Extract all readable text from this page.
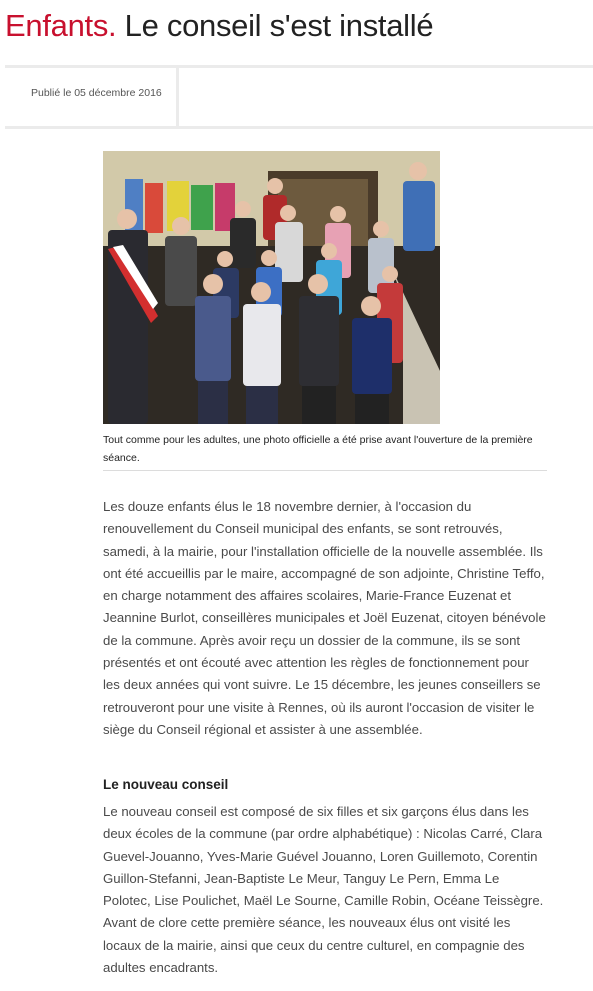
Enfants. Le conseil s'est installé
Publié le 05 décembre 2016

Tout comme pour les adultes, une photo officielle a été prise avant l'ouverture de la première séance.

Les douze enfants élus le 18 novembre dernier, à l'occasion du renouvellement du Conseil municipal des enfants, se sont retrouvés, samedi, à la mairie, pour l'installation officielle de la nouvelle assemblée. Ils ont été accueillis par le maire, accompagné de son adjointe, Christine Teffo, en charge notamment des affaires scolaires, Marie-France Euzenat et Jeannine Burlot, conseillères municipales et Joël Euzenat, citoyen bénévole de la commune. Après avoir reçu un dossier de la commune, ils se sont présentés et ont écouté avec attention les règles de fonctionnement pour les deux années qui vont suivre. Le 15 décembre, les jeunes conseillers se retrouveront pour une visite à Rennes, où ils auront l'occasion de visiter le siège du Conseil régional et assister à une assemblée.

Le nouveau conseil

Le nouveau conseil est composé de six filles et six garçons élus dans les deux écoles de la commune (par ordre alphabétique) : Nicolas Carré, Clara Guevel-Jouanno, Yves-Marie Guével Jouanno, Loren Guillemoto, Corentin Guillon-Stefanni, Jean-Baptiste Le Meur, Tanguy Le Pern, Emma Le Polotec, Lise Poulichet, Maël Le Sourne, Camille Robin, Océane Teissègre. Avant de clore cette première séance, les nouveaux élus ont visité les locaux de la mairie, ainsi que ceux du centre culturel, en compagnie des adultes encadrants.
